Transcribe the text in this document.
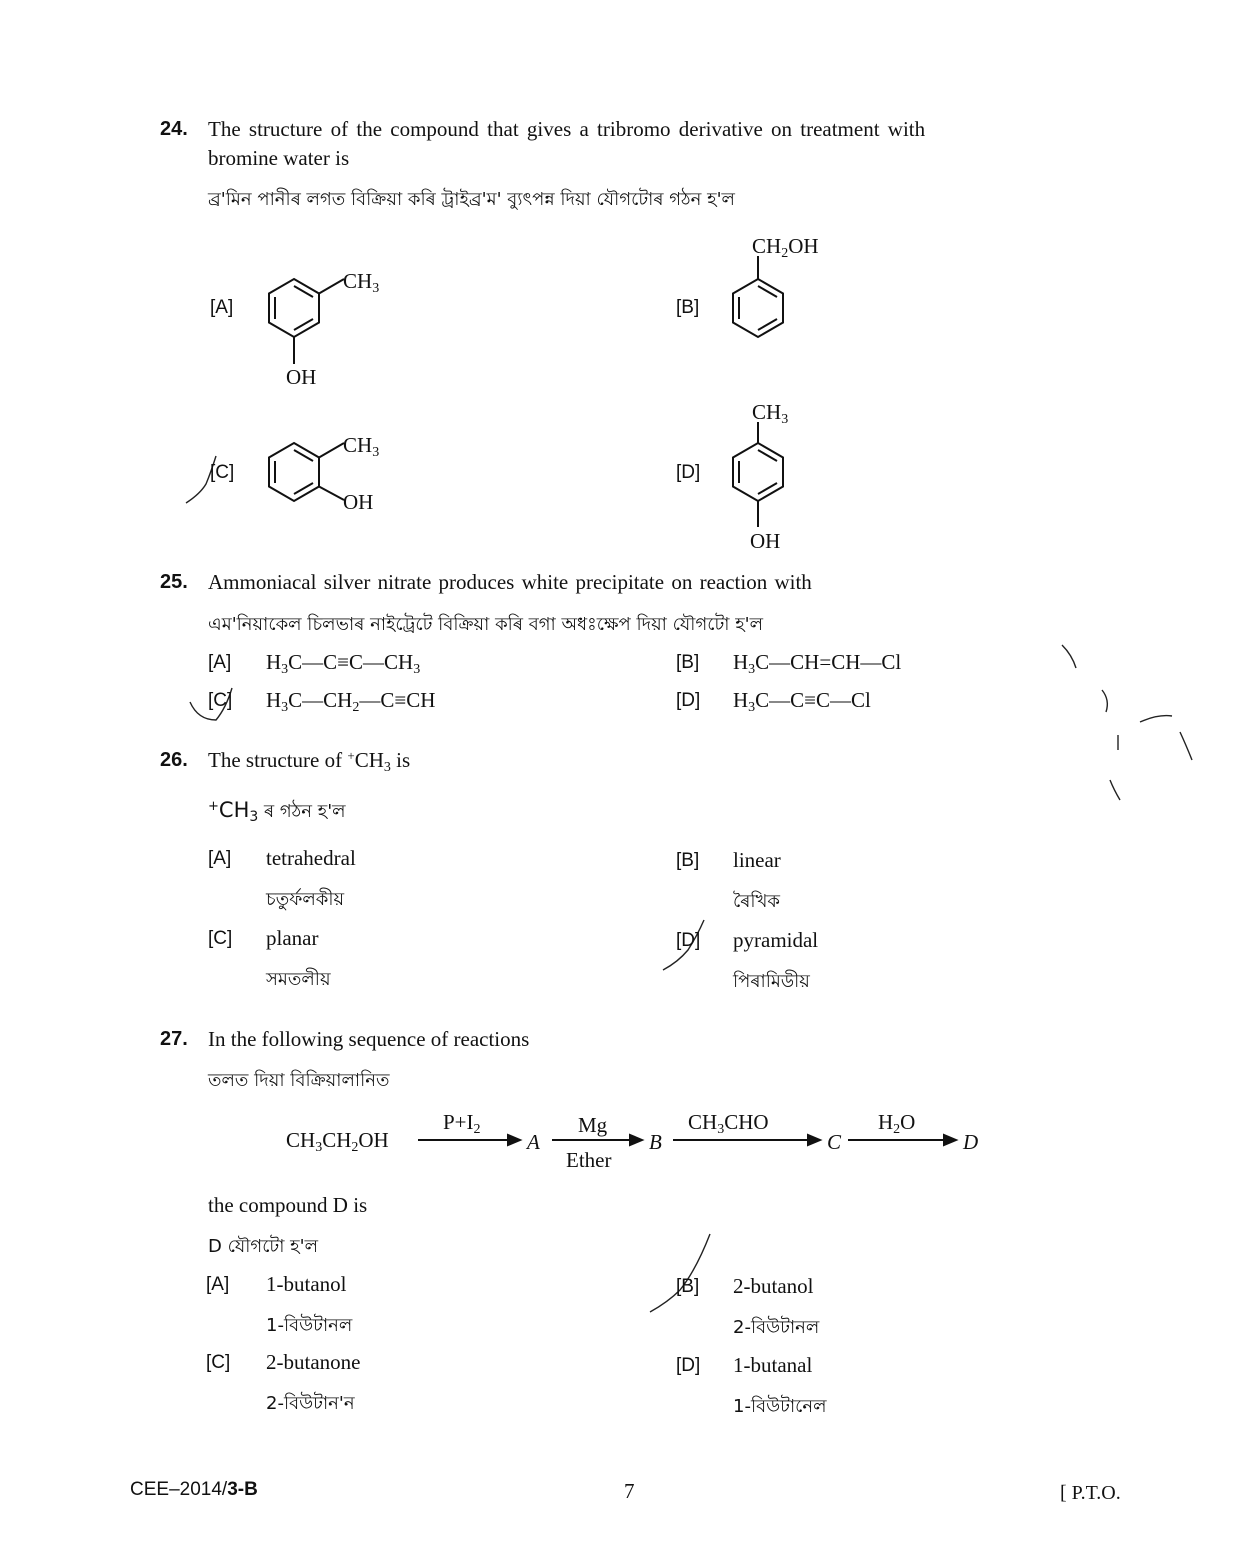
24. The structure of the compound that gives a tribromo derivative on treatment with
bromine water is
ব্ৰ'মিন পানীৰ লগত বিক্ৰিয়া কৰি ট্ৰাইব্ৰ'ম' ব্যুৎপন্ন দিয়া যৌগটোৰ গঠন হ'ল
[A]
$CH_3$
OH
[B]
$CH_2OH$
[C]
$CH_3$
OH
[D]
$CH_3$
OH
25. Ammoniacal silver nitrate produces white precipitate on reaction with
এম'নিয়াকেল চিলভাৰ নাইট্ৰেটে বিক্ৰিয়া কৰি বগা অধঃক্ষেপ দিয়া যৌগটো হ'ল
[A] $H_3C—C\equiv C—CH_3$	[B] $H_3C—CH=CH—Cl$
[C] $H_3C—CH_2—C\equiv CH$	[D] $H_3C—C\equiv C—Cl$
26. The structure of $^+CH_3$ is
$^+CH_3$ ৰ গঠন হ'ল
[A] tetrahedral
চতুৰ্ফলকীয়
[B] linear
ৰৈখিক
[C] planar
সমতলীয়
[D] pyramidal
পিৰামিডীয়
27. In the following sequence of reactions
তলত দিয়া বিক্ৰিয়ালানিত
$CH_3CH_2OH$
$P+I_2$
A
Mg
Ether
B
$CH_3CHO$
C
$H_2O$
D
the compound D is
D যৌগটো হ'ল
[A] 1-butanol
1-বিউটানল
[B] 2-butanol
2-বিউটানল
[C] 2-butanone
2-বিউটান'ন
[D] 1-butanal
1-বিউটানেল
CEE–2014/3-B	7	[ P.T.O.
